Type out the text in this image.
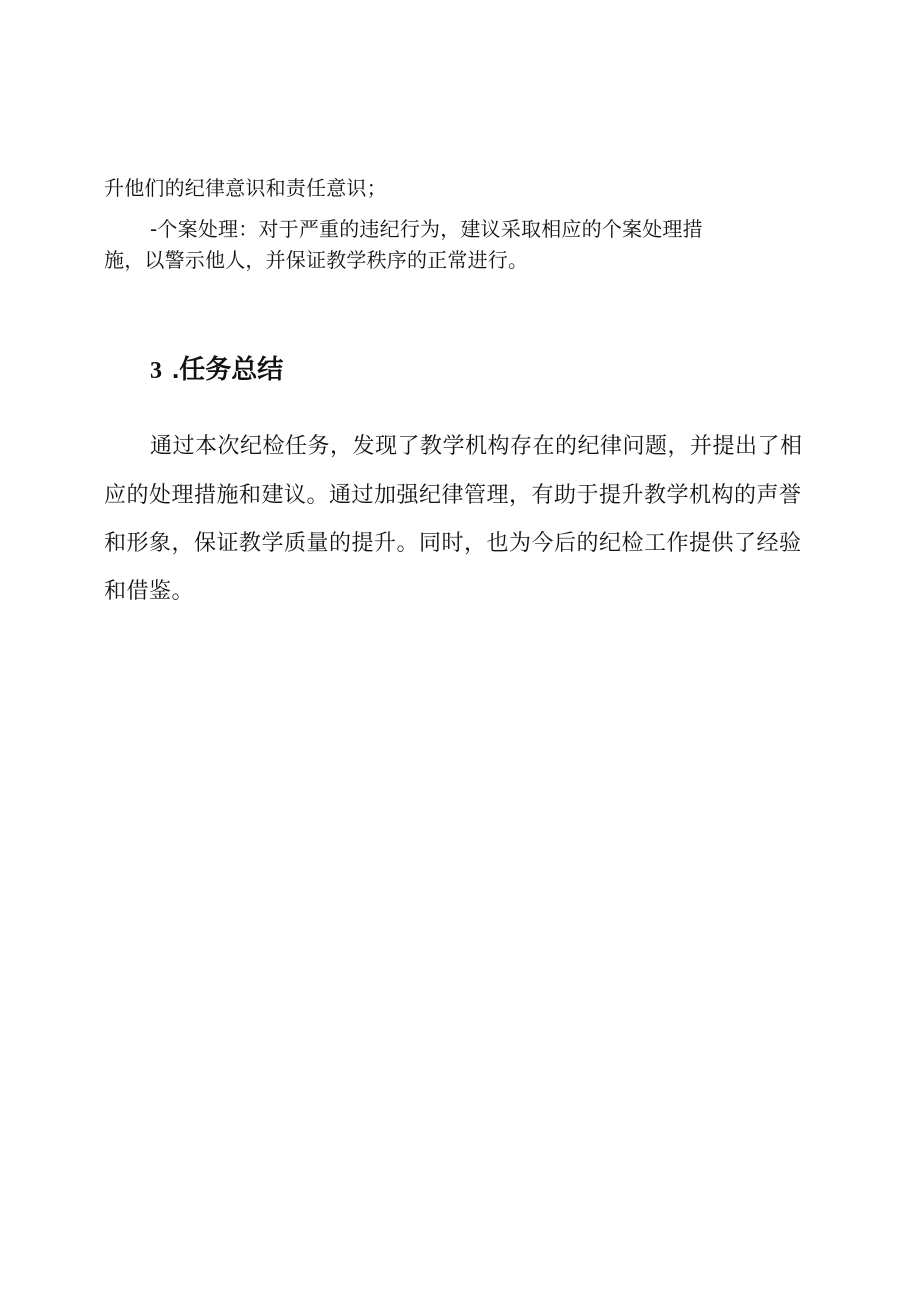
升他们的纪律意识和责任意识；
-个案处理：对于严重的违纪行为，建议采取相应的个案处理措
施，以警示他人，并保证教学秩序的正常进行。
3 .任务总结
通过本次纪检任务，发现了教学机构存在的纪律问题，并提出了相
应的处理措施和建议。通过加强纪律管理，有助于提升教学机构的声誉
和形象，保证教学质量的提升。同时，也为今后的纪检工作提供了经验
和借鉴。
